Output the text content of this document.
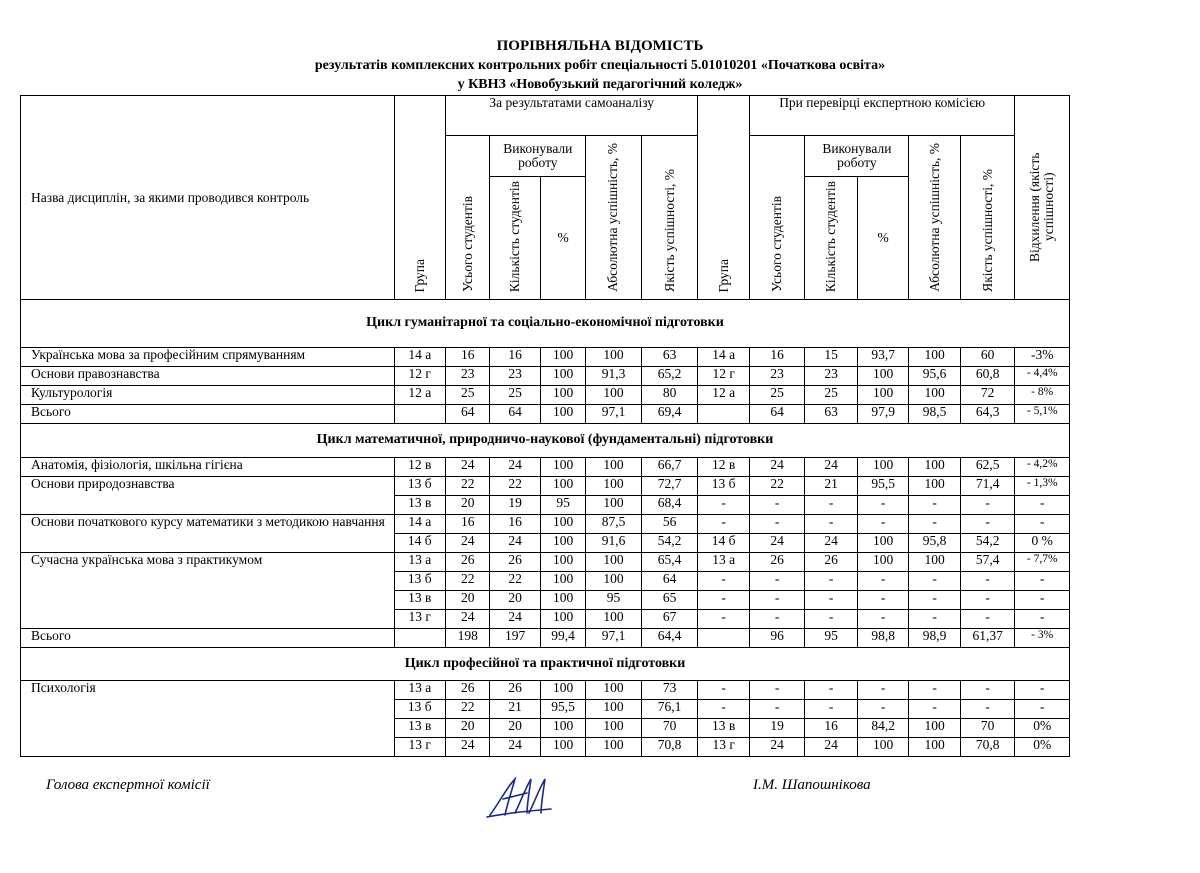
ПОРІВНЯЛЬНА ВІДОМІСТЬ
результатів комплексних контрольних робіт спеціальності 5.01010201 «Початкова освіта»
у КВНЗ «Новобузький педагогічний коледж»
Назва дисциплін, за якими проводився контроль	Група	За результатами самоаналізу					Група	При перевірці експертною комісією					Відхилення (якість успішності)
		Усього студентів	Виконували роботу		Абсолютна успішність, %	Якість успішності, %		Усього студентів	Виконували роботу		Абсолютна успішність, %	Якість успішності, %	
			Кількість студентів	%					Кількість студентів	%			
Цикл гуманітарної та соціально-економічної підготовки													
Українська мова за професійним спрямуванням	14 а	16	16	100	100	63	14 а	16	15	93,7	100	60	-3%
Основи правознавства	12 г	23	23	100	91,3	65,2	12 г	23	23	100	95,6	60,8	- 4,4%
Культурологія	12 а	25	25	100	100	80	12 а	25	25	100	100	72	- 8%
Всього		64	64	100	97,1	69,4		64	63	97,9	98,5	64,3	- 5,1%
Цикл математичної, природничо-наукової (фундаментальні) підготовки													
Анатомія, фізіологія, шкільна гігієна	12 в	24	24	100	100	66,7	12 в	24	24	100	100	62,5	- 4,2%
Основи природознавства	13 б	22	22	100	100	72,7	13 б	22	21	95,5	100	71,4	- 1,3%
	13 в	20	19	95	100	68,4	-	-	-	-	-	-	-
Основи початкового курсу математики з методикою навчання	14 а	16	16	100	87,5	56	-	-	-	-	-	-	-
	14 б	24	24	100	91,6	54,2	14 б	24	24	100	95,8	54,2	0 %
Сучасна українська мова з практикумом	13 а	26	26	100	100	65,4	13 а	26	26	100	100	57,4	- 7,7%
	13 б	22	22	100	100	64	-	-	-	-	-	-	-
	13 в	20	20	100	95	65	-	-	-	-	-	-	-
	13 г	24	24	100	100	67	-	-	-	-	-	-	-
Всього		198	197	99,4	97,1	64,4		96	95	98,8	98,9	61,37	- 3%
Цикл професійної та практичної підготовки													
Психологія	13 а	26	26	100	100	73	-	-	-	-	-	-	-
	13 б	22	21	95,5	100	76,1	-	-	-	-	-	-	-
	13 в	20	20	100	100	70	13 в	19	16	84,2	100	70	0%
	13 г	24	24	100	100	70,8	13 г	24	24	100	100	70,8	0%
Голова експертної комісії	І.М. Шапошнікова
